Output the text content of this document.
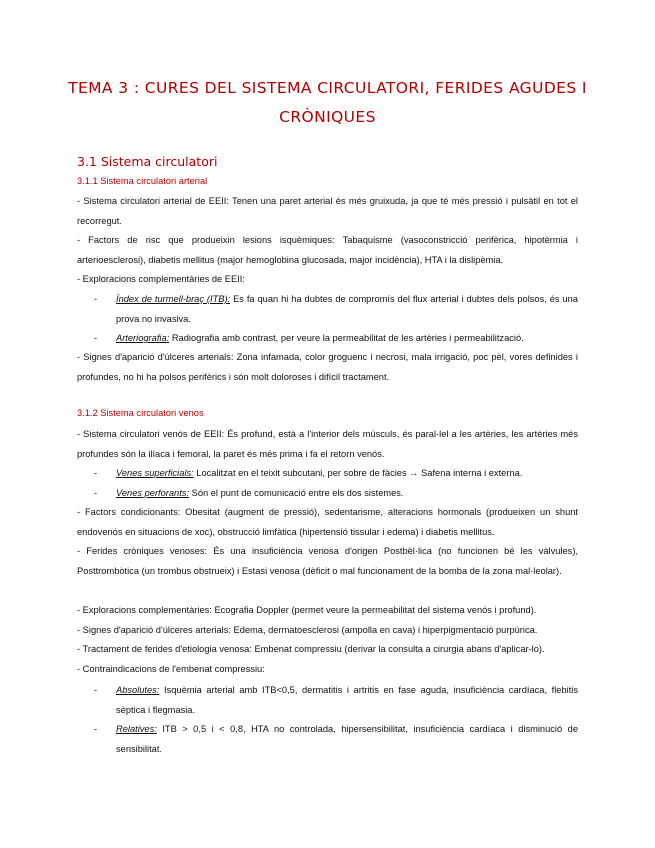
TEMA 3 : CURES DEL SISTEMA CIRCULATORI, FERIDES AGUDES I
CRÒNIQUES
3.1 Sistema circulatori
3.1.1 Sistema circulatori arterial
- Sistema circulatori arterial de EEII: Tenen una paret arterial és més gruixuda, ja que té més pressió i pulsàtil en tot el recorregut.
- Factors de risc que produeixin lesions isquèmiques: Tabaquisme (vasoconstricció perifèrica, hipotèrmia i arterioesclerosi), diabetis mellitus (major hemoglobina glucosada, major incidència), HTA i la dislipèmia.
- Exploracions complementàries de EEII:
- Índex de turmell-braç (ITB): Es fa quan hi ha dubtes de compromís del flux arterial i dubtes dels polsos, és una prova no invasiva.
- Arteriografia: Radiografia amb contrast, per veure la permeabilitat de les artèries i permeabilització.
- Signes d'aparició d'úlceres arterials: Zona infamada, color groguenc i necrosi, mala irrigació, poc pèl, vores definides i profundes, no hi ha polsos perifèrics i són molt doloroses i difícil tractament.
3.1.2 Sistema circulatori venos
- Sistema circulatori venós de EEII: És profund, està a l'interior dels músculs, és paral·lel a les artèries, les artèries més profundes són la ilíaca i femoral, la paret és més prima i fa el retorn venós.
- Venes superficials: Localitzat en el teixit subcutani, per sobre de fàcies → Safena interna i externa.
- Venes perforants: Són el punt de comunicació entre els dos sistemes.
- Factors condicionants: Obesitat (augment de pressió), sedentarisme, alteracions hormonals (produeixen un shunt endovenós en situacions de xoc), obstrucció limfàtica (hipertensió tissular i edema) i diabetis mellitus.
- Ferides cròniques venoses: És una insuficiència venosa d'origen Postbèl·lica (no funcionen bé les vàlvules), Posttrombòtica (un trombus obstrueix) i Estasi venosa (dèficit o mal funcionament de la bomba de la zona mal·leolar).
- Exploracions complementàries: Ecografia Doppler (permet veure la permeabilitat del sistema venós i profund).
- Signes d'aparició d'úlceres arterials: Edema, dermatoesclerosi (ampolla en cava) i hiperpigmentació purpúrica.
- Tractament de ferides d'etiologia venosa: Embenat compressiu (derivar la consulta a cirurgia abans d'aplicar-lo).
- Contraindicacions de l'embenat compressiu:
- Absolutes: Isquèmia arterial amb ITB<0,5, dermatitis i artritis en fase aguda, insuficiència cardíaca, flebitis sèptica i flegmasia.
- Relatives: ITB > 0,5 i < 0,8, HTA no controlada, hipersensibilitat, insuficiència cardíaca i disminució de sensibilitat.
